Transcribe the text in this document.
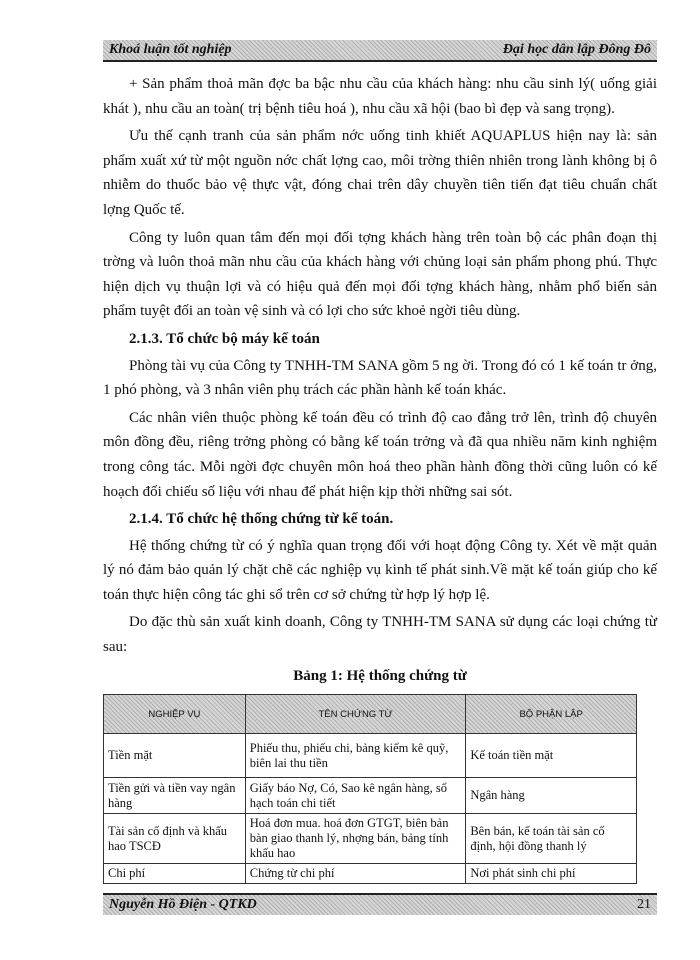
Khoá luận tốt nghiệp	Đại học dân lập Đông Đô

+ Sản phẩm thoả mãn đợc ba bậc nhu cầu của khách hàng: nhu cầu sinh lý( uống giải khát ), nhu cầu an toàn( trị bệnh tiêu hoá ), nhu cầu xã hội (bao bì đẹp và sang trọng).

Ưu thế cạnh tranh của sản phẩm nớc uống tinh khiết AQUAPLUS hiện nay là: sản phẩm xuất xứ từ một nguồn nớc chất lợng cao, môi trờng thiên nhiên trong lành không bị ô nhiễm do thuốc bảo vệ thực vật, đóng chai trên dây chuyền tiên tiến đạt tiêu chuẩn chất lợng Quốc tế.

Công ty luôn quan tâm đến mọi đối tợng khách hàng trên toàn bộ các phân đoạn thị trờng và luôn thoả mãn nhu cầu của khách hàng với chủng loại sản phẩm phong phú. Thực hiện dịch vụ thuận lợi và có hiệu quả đến mọi đối tợng khách hàng, nhằm phổ biến sản phẩm tuyệt đối an toàn vệ sinh và có lợi cho sức khoẻ ngời tiêu dùng.

2.1.3. Tổ chức bộ máy kế toán

Phòng tài vụ của Công ty TNHH-TM SANA gồm 5 ng ời. Trong đó có 1 kế toán tr ởng, 1 phó phòng, và 3 nhân viên phụ trách các phần hành kế toán khác.

Các nhân viên thuộc phòng kế toán đều có trình độ cao đẳng trở lên, trình độ chuyên môn đồng đều, riêng trởng phòng có bằng kế toán trởng và đã qua nhiều năm kinh nghiệm trong công tác. Mỗi ngời đợc chuyên môn hoá theo phần hành đồng thời cũng luôn có kế hoạch đối chiếu số liệu với nhau để phát hiện kịp thời những sai sót.

2.1.4. Tổ chức hệ thống chứng từ kế toán.

Hệ thống chứng từ có ý nghĩa quan trọng đối với hoạt động Công ty. Xét về mặt quản lý nó đảm bảo quản lý chặt chẽ các nghiệp vụ kinh tế phát sinh.Về mặt kế toán giúp cho kế toán thực hiện công tác ghi sổ trên cơ sở chứng từ hợp lý hợp lệ.

Do đặc thù sản xuất kinh doanh, Công ty TNHH-TM SANA sử dụng các loại chứng từ sau:

Bảng 1: Hệ thống chứng từ
NGHIỆP VỤ	TÊN CHỨNG TỪ	BỘ PHẬN LẬP
Tiền mặt	Phiếu thu, phiếu chi, bảng kiểm kê quỹ, biên lai thu tiền	Kế toán tiền mặt
Tiền gửi và tiền vay ngân hàng	Giấy báo Nợ, Có, Sao kê ngân hàng, sổ hạch toán chi tiết	Ngân hàng
Tài sản cố định và khấu hao TSCĐ	Hoá đơn mua. hoá đơn GTGT, biên bản bàn giao thanh lý, nhợng bán, bảng tính khấu hao	Bên bán, kế toán tài sản cố định, hội đồng thanh lý
Chi phí	Chứng từ chi phí	Nơi phát sinh chi phí
Nguyễn Hồ Điện - QTKD	21
